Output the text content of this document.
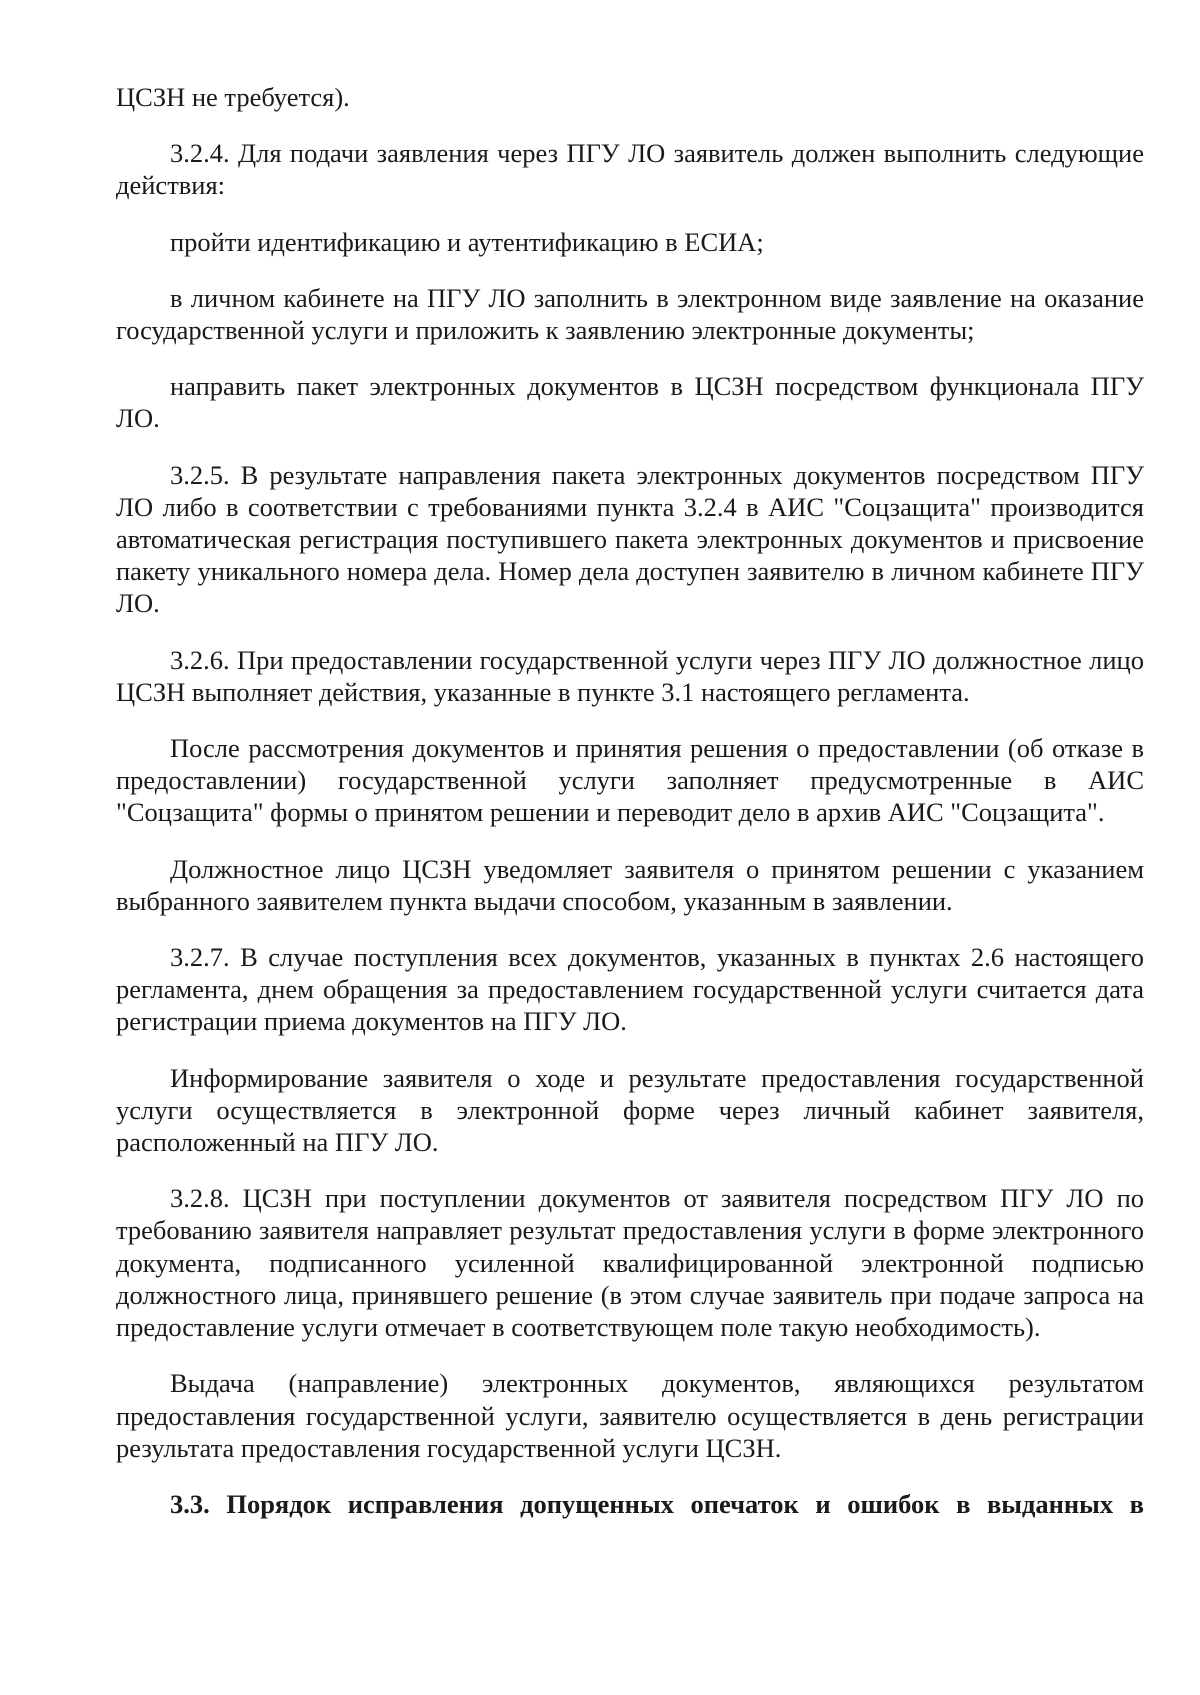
ЦСЗН не требуется).

3.2.4. Для подачи заявления через ПГУ ЛО заявитель должен выполнить следующие действия:

пройти идентификацию и аутентификацию в ЕСИА;

в личном кабинете на ПГУ ЛО заполнить в электронном виде заявление на оказание государственной услуги и приложить к заявлению электронные документы;

направить пакет электронных документов в ЦСЗН посредством функционала ПГУ ЛО.

3.2.5. В результате направления пакета электронных документов посредством ПГУ ЛО либо в соответствии с требованиями пункта 3.2.4 в АИС "Соцзащита" производится автоматическая регистрация поступившего пакета электронных документов и присвоение пакету уникального номера дела. Номер дела доступен заявителю в личном кабинете ПГУ ЛО.

3.2.6. При предоставлении государственной услуги через ПГУ ЛО должностное лицо ЦСЗН выполняет действия, указанные в пункте 3.1 настоящего регламента.

После рассмотрения документов и принятия решения о предоставлении (об отказе в предоставлении) государственной услуги заполняет предусмотренные в АИС "Соцзащита" формы о принятом решении и переводит дело в архив АИС "Соцзащита".

Должностное лицо ЦСЗН уведомляет заявителя о принятом решении с указанием выбранного заявителем пункта выдачи способом, указанным в заявлении.

3.2.7. В случае поступления всех документов, указанных в пунктах 2.6 настоящего регламента, днем обращения за предоставлением государственной услуги считается дата регистрации приема документов на ПГУ ЛО.

Информирование заявителя о ходе и результате предоставления государственной услуги осуществляется в электронной форме через личный кабинет заявителя, расположенный на ПГУ ЛО.

3.2.8. ЦСЗН при поступлении документов от заявителя посредством ПГУ ЛО по требованию заявителя направляет результат предоставления услуги в форме электронного документа, подписанного усиленной квалифицированной электронной подписью должностного лица, принявшего решение (в этом случае заявитель при подаче запроса на предоставление услуги отмечает в соответствующем поле такую необходимость).

Выдача (направление) электронных документов, являющихся результатом предоставления государственной услуги, заявителю осуществляется в день регистрации результата предоставления государственной услуги ЦСЗН.

3.3. Порядок исправления допущенных опечаток и ошибок в выданных в
